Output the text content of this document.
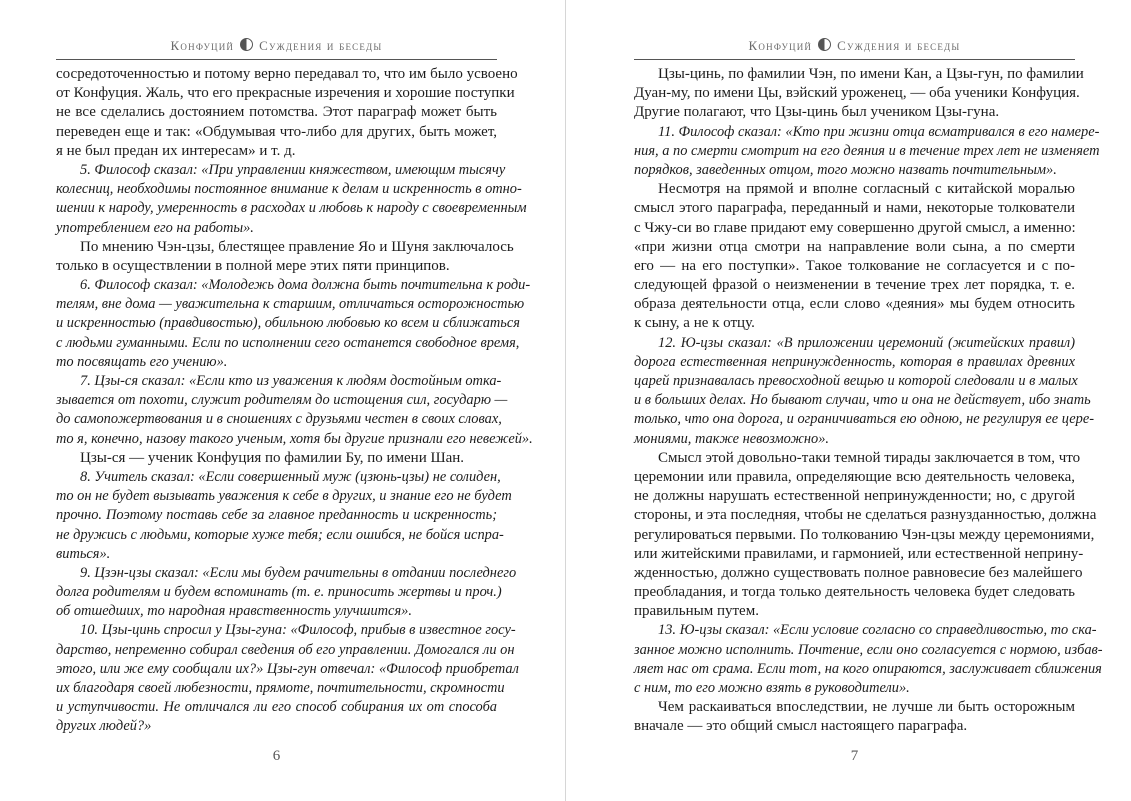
Конфуций Суждения и беседы
сосредоточенностью и потому верно передавал то, что им было усвоено
от Конфуция. Жаль, что его прекрасные изречения и хорошие поступки
не все сделались достоянием потомства. Этот параграф может быть
переведен еще и так: «Обдумывая что-либо для других, быть может,
я не был предан их интересам» и т. д.
5. Философ сказал: «При управлении княжеством, имеющим тысячу
колесниц, необходимы постоянное внимание к делам и искренность в отно-
шении к народу, умеренность в расходах и любовь к народу с своевременным
употреблением его на работы».
По мнению Чэн-цзы, блестящее правление Яо и Шуня заключалось
только в осуществлении в полной мере этих пяти принципов.
6. Философ сказал: «Молодежь дома должна быть почтительна к роди-
телям, вне дома — уважительна к старшим, отличаться осторожностью
и искренностью (правдивостью), обильною любовью ко всем и сближаться
с людьми гуманными. Если по исполнении сего останется свободное время,
то посвящать его учению».
7. Цзы-ся сказал: «Если кто из уважения к людям достойным отка-
зывается от похоти, служит родителям до истощения сил, государю —
до самопожертвования и в сношениях с друзьями честен в своих словах,
то я, конечно, назову такого ученым, хотя бы другие признали его невежей».
Цзы-ся — ученик Конфуция по фамилии Бу, по имени Шан.
8. Учитель сказал: «Если совершенный муж (цзюнь-цзы) не солиден,
то он не будет вызывать уважения к себе в других, и знание его не будет
прочно. Поэтому поставь себе за главное преданность и искренность;
не дружись с людьми, которые хуже тебя; если ошибся, не бойся испра-
виться».
9. Цзэн-цзы сказал: «Если мы будем рачительны в отдании последнего
долга родителям и будем вспоминать (т. е. приносить жертвы и проч.)
об отшедших, то народная нравственность улучшится».
10. Цзы-цинь спросил у Цзы-гуна: «Философ, прибыв в известное госу-
дарство, непременно собирал сведения об его управлении. Домогался ли он
этого, или же ему сообщали их?» Цзы-гун отвечал: «Философ приобретал
их благодаря своей любезности, прямоте, почтительности, скромности
и уступчивости. Не отличался ли его способ собирания их от способа
других людей?»
6
Конфуций Суждения и беседы
Цзы-цинь, по фамилии Чэн, по имени Кан, а Цзы-гун, по фамилии
Дуан-му, по имени Цы, вэйский уроженец, — оба ученики Конфуция.
Другие полагают, что Цзы-цинь был учеником Цзы-гуна.
11. Философ сказал: «Кто при жизни отца всматривался в его намере-
ния, а по смерти смотрит на его деяния и в течение трех лет не изменяет
порядков, заведенных отцом, того можно назвать почтительным».
Несмотря на прямой и вполне согласный с китайской моралью
смысл этого параграфа, переданный и нами, некоторые толкователи
с Чжу-си во главе придают ему совершенно другой смысл, а именно:
«при жизни отца смотри на направление воли сына, а по смерти
его — на его поступки». Такое толкование не согласуется и с по-
следующей фразой о неизменении в течение трех лет порядка, т. е.
образа деятельности отца, если слово «деяния» мы будем относить
к сыну, а не к отцу.
12. Ю-цзы сказал: «В приложении церемоний (житейских правил)
дорога естественная непринужденность, которая в правилах древних
царей признавалась превосходной вещью и которой следовали и в малых
и в больших делах. Но бывают случаи, что и она не действует, ибо знать
только, что она дорога, и ограничиваться ею одною, не регулируя ее цере-
мониями, также невозможно».
Смысл этой довольно-таки темной тирады заключается в том, что
церемонии или правила, определяющие всю деятельность человека,
не должны нарушать естественной непринужденности; но, с другой
стороны, и эта последняя, чтобы не сделаться разнузданностью, должна
регулироваться первыми. По толкованию Чэн-цзы между церемониями,
или житейскими правилами, и гармонией, или естественной неприну-
жденностью, должно существовать полное равновесие без малейшего
преобладания, и тогда только деятельность человека будет следовать
правильным путем.
13. Ю-цзы сказал: «Если условие согласно со справедливостью, то ска-
занное можно исполнить. Почтение, если оно согласуется с нормою, избав-
ляет нас от срама. Если тот, на кого опираются, заслуживает сближения
с ним, то его можно взять в руководители».
Чем раскаиваться впоследствии, не лучше ли быть осторожным
вначале — это общий смысл настоящего параграфа.
7
